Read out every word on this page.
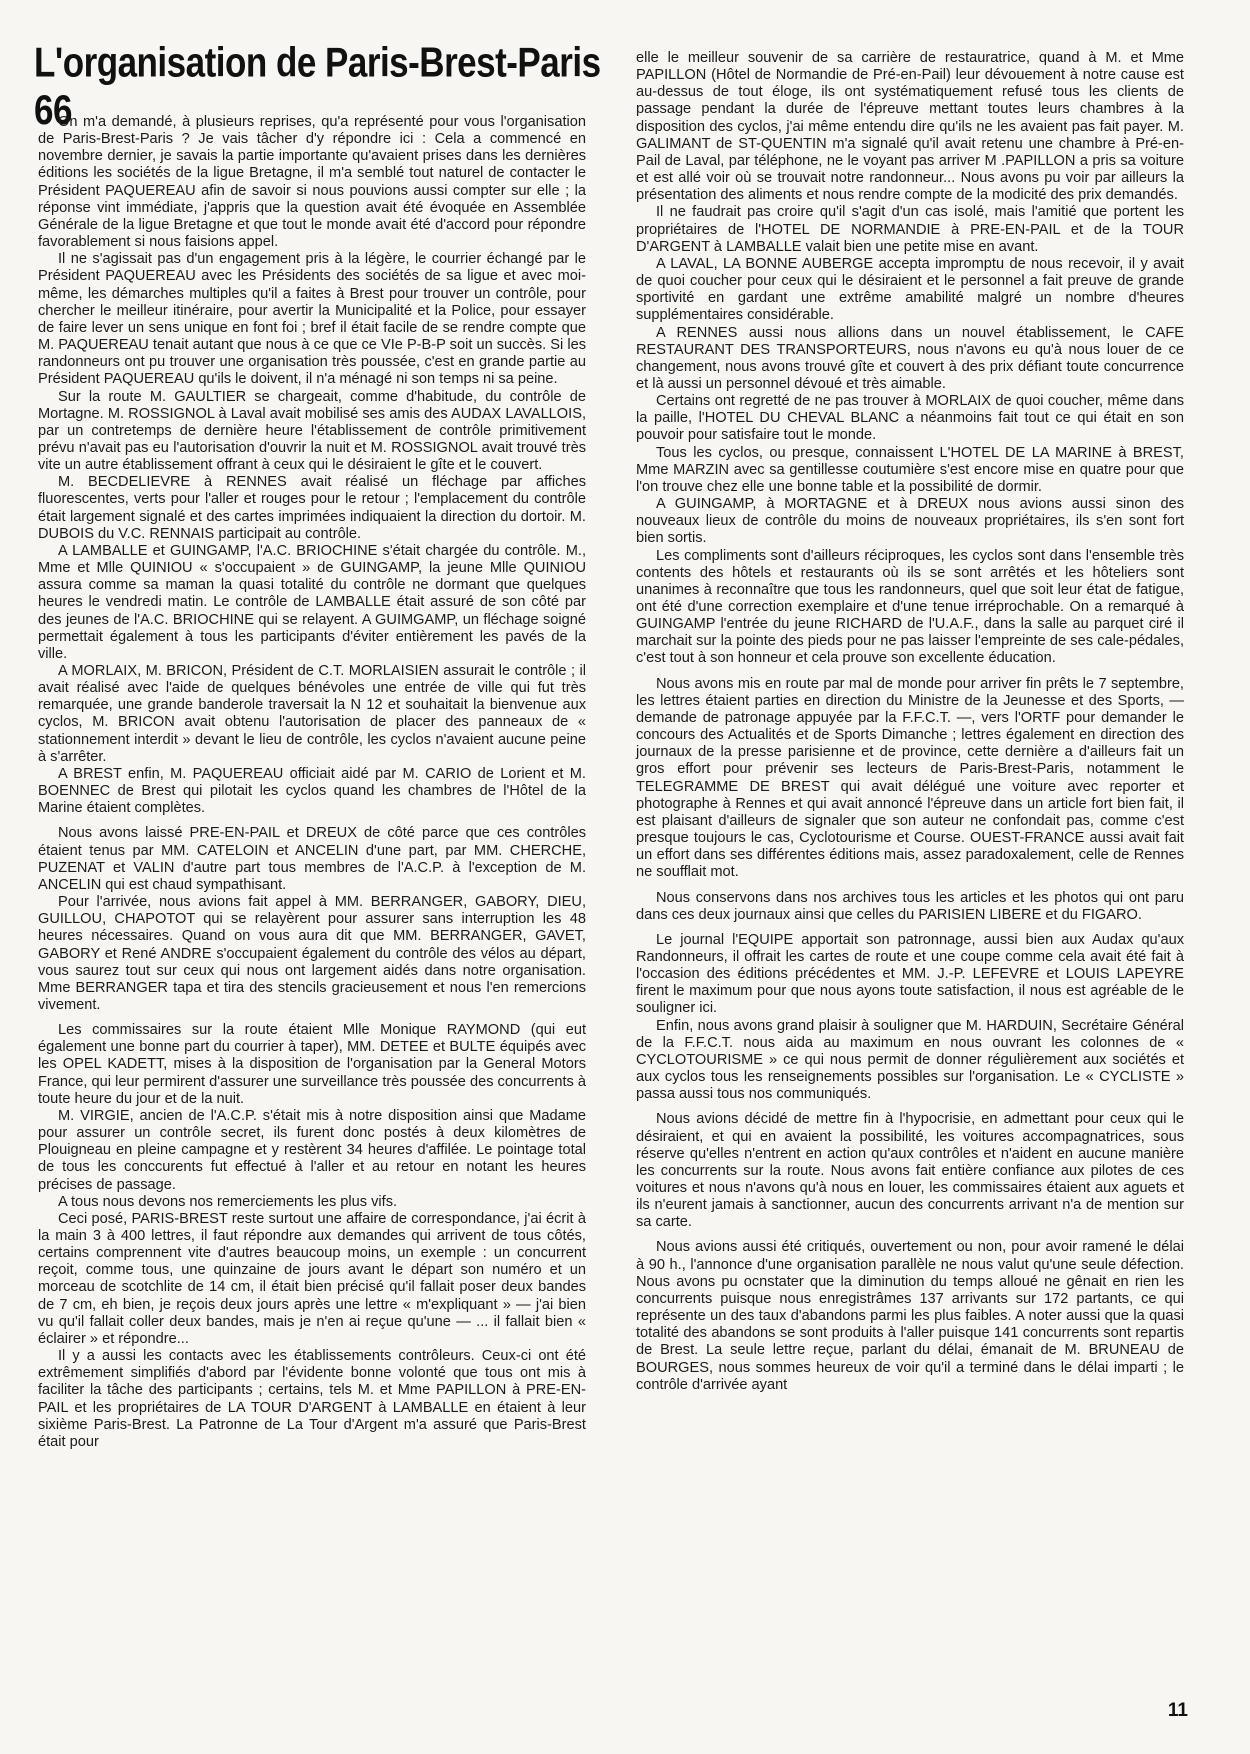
L'organisation de Paris-Brest-Paris 66

On m'a demandé, à plusieurs reprises, qu'a représenté pour vous l'organisation de Paris-Brest-Paris ? Je vais tâcher d'y répondre ici : Cela a commencé en novembre dernier, je savais la partie importante qu'avaient prises dans les dernières éditions les sociétés de la ligue Bretagne, il m'a semblé tout naturel de contacter le Président PAQUEREAU afin de savoir si nous pouvions aussi compter sur elle ; la réponse vint immédiate, j'appris que la question avait été évoquée en Assemblée Générale de la ligue Bretagne et que tout le monde avait été d'accord pour répondre favorablement si nous faisions appel.

Il ne s'agissait pas d'un engagement pris à la légère, le courrier échangé par le Président PAQUEREAU avec les Présidents des sociétés de sa ligue et avec moi-même, les démarches multiples qu'il a faites à Brest pour trouver un contrôle, pour chercher le meilleur itinéraire, pour avertir la Municipalité et la Police, pour essayer de faire lever un sens unique en font foi ; bref il était facile de se rendre compte que M. PAQUEREAU tenait autant que nous à ce que ce VIe P-B-P soit un succès. Si les randonneurs ont pu trouver une organisation très poussée, c'est en grande partie au Président PAQUEREAU qu'ils le doivent, il n'a ménagé ni son temps ni sa peine.

Sur la route M. GAULTIER se chargeait, comme d'habitude, du contrôle de Mortagne. M. ROSSIGNOL à Laval avait mobilisé ses amis des AUDAX LAVALLOIS, par un contretemps de dernière heure l'établissement de contrôle primitivement prévu n'avait pas eu l'autorisation d'ouvrir la nuit et M. ROSSIGNOL avait trouvé très vite un autre établissement offrant à ceux qui le désiraient le gîte et le couvert.

M. BECDELIEVRE à RENNES avait réalisé un fléchage par affiches fluorescentes, verts pour l'aller et rouges pour le retour ; l'emplacement du contrôle était largement signalé et des cartes imprimées indiquaient la direction du dortoir. M. DUBOIS du V.C. RENNAIS participait au contrôle.

A LAMBALLE et GUINGAMP, l'A.C. BRIOCHINE s'était chargée du contrôle. M., Mme et Mlle QUINIOU « s'occupaient » de GUINGAMP, la jeune Mlle QUINIOU assura comme sa maman la quasi totalité du contrôle ne dormant que quelques heures le vendredi matin. Le contrôle de LAMBALLE était assuré de son côté par des jeunes de l'A.C. BRIOCHINE qui se relayent. A GUIMGAMP, un fléchage soigné permettait également à tous les participants d'éviter entièrement les pavés de la ville.

A MORLAIX, M. BRICON, Président de C.T. MORLAISIEN assurait le contrôle ; il avait réalisé avec l'aide de quelques bénévoles une entrée de ville qui fut très remarquée, une grande banderole traversait la N 12 et souhaitait la bienvenue aux cyclos, M. BRICON avait obtenu l'autorisation de placer des panneaux de « stationnement interdit » devant le lieu de contrôle, les cyclos n'avaient aucune peine à s'arrêter.

A BREST enfin, M. PAQUEREAU officiait aidé par M. CARIO de Lorient et M. BOENNEC de Brest qui pilotait les cyclos quand les chambres de l'Hôtel de la Marine étaient complètes.

Nous avons laissé PRE-EN-PAIL et DREUX de côté parce que ces contrôles étaient tenus par MM. CATELOIN et ANCELIN d'une part, par MM. CHERCHE, PUZENAT et VALIN d'autre part tous membres de l'A.C.P. à l'exception de M. ANCELIN qui est chaud sympathisant.

Pour l'arrivée, nous avions fait appel à MM. BERRANGER, GABORY, DIEU, GUILLOU, CHAPOTOT qui se relayèrent pour assurer sans interruption les 48 heures nécessaires. Quand on vous aura dit que MM. BERRANGER, GAVET, GABORY et René ANDRE s'occupaient également du contrôle des vélos au départ, vous saurez tout sur ceux qui nous ont largement aidés dans notre organisation. Mme BERRANGER tapa et tira des stencils gracieusement et nous l'en remercions vivement.

Les commissaires sur la route étaient Mlle Monique RAYMOND (qui eut également une bonne part du courrier à taper), MM. DETEE et BULTE équipés avec les OPEL KADETT, mises à la disposition de l'organisation par la General Motors France, qui leur permirent d'assurer une surveillance très poussée des concurrents à toute heure du jour et de la nuit.

M. VIRGIE, ancien de l'A.C.P. s'était mis à notre disposition ainsi que Madame pour assurer un contrôle secret, ils furent donc postés à deux kilomètres de Plouigneau en pleine campagne et y restèrent 34 heures d'affilée. Le pointage total de tous les conccurents fut effectué à l'aller et au retour en notant les heures précises de passage.

A tous nous devons nos remerciements les plus vifs.

Ceci posé, PARIS-BREST reste surtout une affaire de correspondance, j'ai écrit à la main 3 à 400 lettres, il faut répondre aux demandes qui arrivent de tous côtés, certains comprennent vite d'autres beaucoup moins, un exemple : un concurrent reçoit, comme tous, une quinzaine de jours avant le départ son numéro et un morceau de scotchlite de 14 cm, il était bien précisé qu'il fallait poser deux bandes de 7 cm, eh bien, je reçois deux jours après une lettre « m'expliquant » — j'ai bien vu qu'il fallait coller deux bandes, mais je n'en ai reçue qu'une — ... il fallait bien « éclairer » et répondre...

Il y a aussi les contacts avec les établissements contrôleurs. Ceux-ci ont été extrêmement simplifiés d'abord par l'évidente bonne volonté que tous ont mis à faciliter la tâche des participants ; certains, tels M. et Mme PAPILLON à PRE-EN-PAIL et les propriétaires de LA TOUR D'ARGENT à LAMBALLE en étaient à leur sixième Paris-Brest. La Patronne de La Tour d'Argent m'a assuré que Paris-Brest était pour

elle le meilleur souvenir de sa carrière de restauratrice, quand à M. et Mme PAPILLON (Hôtel de Normandie de Pré-en-Pail) leur dévouement à notre cause est au-dessus de tout éloge, ils ont systématiquement refusé tous les clients de passage pendant la durée de l'épreuve mettant toutes leurs chambres à la disposition des cyclos, j'ai même entendu dire qu'ils ne les avaient pas fait payer. M. GALIMANT de ST-QUENTIN m'a signalé qu'il avait retenu une chambre à Pré-en-Pail de Laval, par téléphone, ne le voyant pas arriver M .PAPILLON a pris sa voiture et est allé voir où se trouvait notre randonneur... Nous avons pu voir par ailleurs la présentation des aliments et nous rendre compte de la modicité des prix demandés.

Il ne faudrait pas croire qu'il s'agit d'un cas isolé, mais l'amitié que portent les propriétaires de l'HOTEL DE NORMANDIE à PRE-EN-PAIL et de la TOUR D'ARGENT à LAMBALLE valait bien une petite mise en avant.

A LAVAL, LA BONNE AUBERGE accepta impromptu de nous recevoir, il y avait de quoi coucher pour ceux qui le désiraient et le personnel a fait preuve de grande sportivité en gardant une extrême amabilité malgré un nombre d'heures supplémentaires considérable.

A RENNES aussi nous allions dans un nouvel établissement, le CAFE RESTAURANT DES TRANSPORTEURS, nous n'avons eu qu'à nous louer de ce changement, nous avons trouvé gîte et couvert à des prix défiant toute concurrence et là aussi un personnel dévoué et très aimable.

Certains ont regretté de ne pas trouver à MORLAIX de quoi coucher, même dans la paille, l'HOTEL DU CHEVAL BLANC a néanmoins fait tout ce qui était en son pouvoir pour satisfaire tout le monde.

Tous les cyclos, ou presque, connaissent L'HOTEL DE LA MARINE à BREST, Mme MARZIN avec sa gentillesse coutumière s'est encore mise en quatre pour que l'on trouve chez elle une bonne table et la possibilité de dormir.

A GUINGAMP, à MORTAGNE et à DREUX nous avions aussi sinon des nouveaux lieux de contrôle du moins de nouveaux propriétaires, ils s'en sont fort bien sortis.

Les compliments sont d'ailleurs réciproques, les cyclos sont dans l'ensemble très contents des hôtels et restaurants où ils se sont arrêtés et les hôteliers sont unanimes à reconnaître que tous les randonneurs, quel que soit leur état de fatigue, ont été d'une correction exemplaire et d'une tenue irréprochable. On a remarqué à GUINGAMP l'entrée du jeune RICHARD de l'U.A.F., dans la salle au parquet ciré il marchait sur la pointe des pieds pour ne pas laisser l'empreinte de ses cale-pédales, c'est tout à son honneur et cela prouve son excellente éducation.

Nous avons mis en route par mal de monde pour arriver fin prêts le 7 septembre, les lettres étaient parties en direction du Ministre de la Jeunesse et des Sports, — demande de patronage appuyée par la F.F.C.T. —, vers l'ORTF pour demander le concours des Actualités et de Sports Dimanche ; lettres également en direction des journaux de la presse parisienne et de province, cette dernière a d'ailleurs fait un gros effort pour prévenir ses lecteurs de Paris-Brest-Paris, notamment le TELEGRAMME DE BREST qui avait délégué une voiture avec reporter et photographe à Rennes et qui avait annoncé l'épreuve dans un article fort bien fait, il est plaisant d'ailleurs de signaler que son auteur ne confondait pas, comme c'est presque toujours le cas, Cyclotourisme et Course. OUEST-FRANCE aussi avait fait un effort dans ses différentes éditions mais, assez paradoxalement, celle de Rennes ne soufflait mot.

Nous conservons dans nos archives tous les articles et les photos qui ont paru dans ces deux journaux ainsi que celles du PARISIEN LIBERE et du FIGARO.

Le journal l'EQUIPE apportait son patronnage, aussi bien aux Audax qu'aux Randonneurs, il offrait les cartes de route et une coupe comme cela avait été fait à l'occasion des éditions précédentes et MM. J.-P. LEFEVRE et LOUIS LAPEYRE firent le maximum pour que nous ayons toute satisfaction, il nous est agréable de le souligner ici.

Enfin, nous avons grand plaisir à souligner que M. HARDUIN, Secrétaire Général de la F.F.C.T. nous aida au maximum en nous ouvrant les colonnes de « CYCLOTOURISME » ce qui nous permit de donner régulièrement aux sociétés et aux cyclos tous les renseignements possibles sur l'organisation. Le « CYCLISTE » passa aussi tous nos communiqués.

Nous avions décidé de mettre fin à l'hypocrisie, en admettant pour ceux qui le désiraient, et qui en avaient la possibilité, les voitures accompagnatrices, sous réserve qu'elles n'entrent en action qu'aux contrôles et n'aident en aucune manière les concurrents sur la route. Nous avons fait entière confiance aux pilotes de ces voitures et nous n'avons qu'à nous en louer, les commissaires étaient aux aguets et ils n'eurent jamais à sanctionner, aucun des concurrents arrivant n'a de mention sur sa carte.

Nous avions aussi été critiqués, ouvertement ou non, pour avoir ramené le délai à 90 h., l'annonce d'une organisation parallèle ne nous valut qu'une seule défection. Nous avons pu ocnstater que la diminution du temps alloué ne gênait en rien les concurrents puisque nous enregistrâmes 137 arrivants sur 172 partants, ce qui représente un des taux d'abandons parmi les plus faibles. A noter aussi que la quasi totalité des abandons se sont produits à l'aller puisque 141 concurrents sont repartis de Brest. La seule lettre reçue, parlant du délai, émanait de M. BRUNEAU de BOURGES, nous sommes heureux de voir qu'il a terminé dans le délai imparti ; le contrôle d'arrivée ayant

11
